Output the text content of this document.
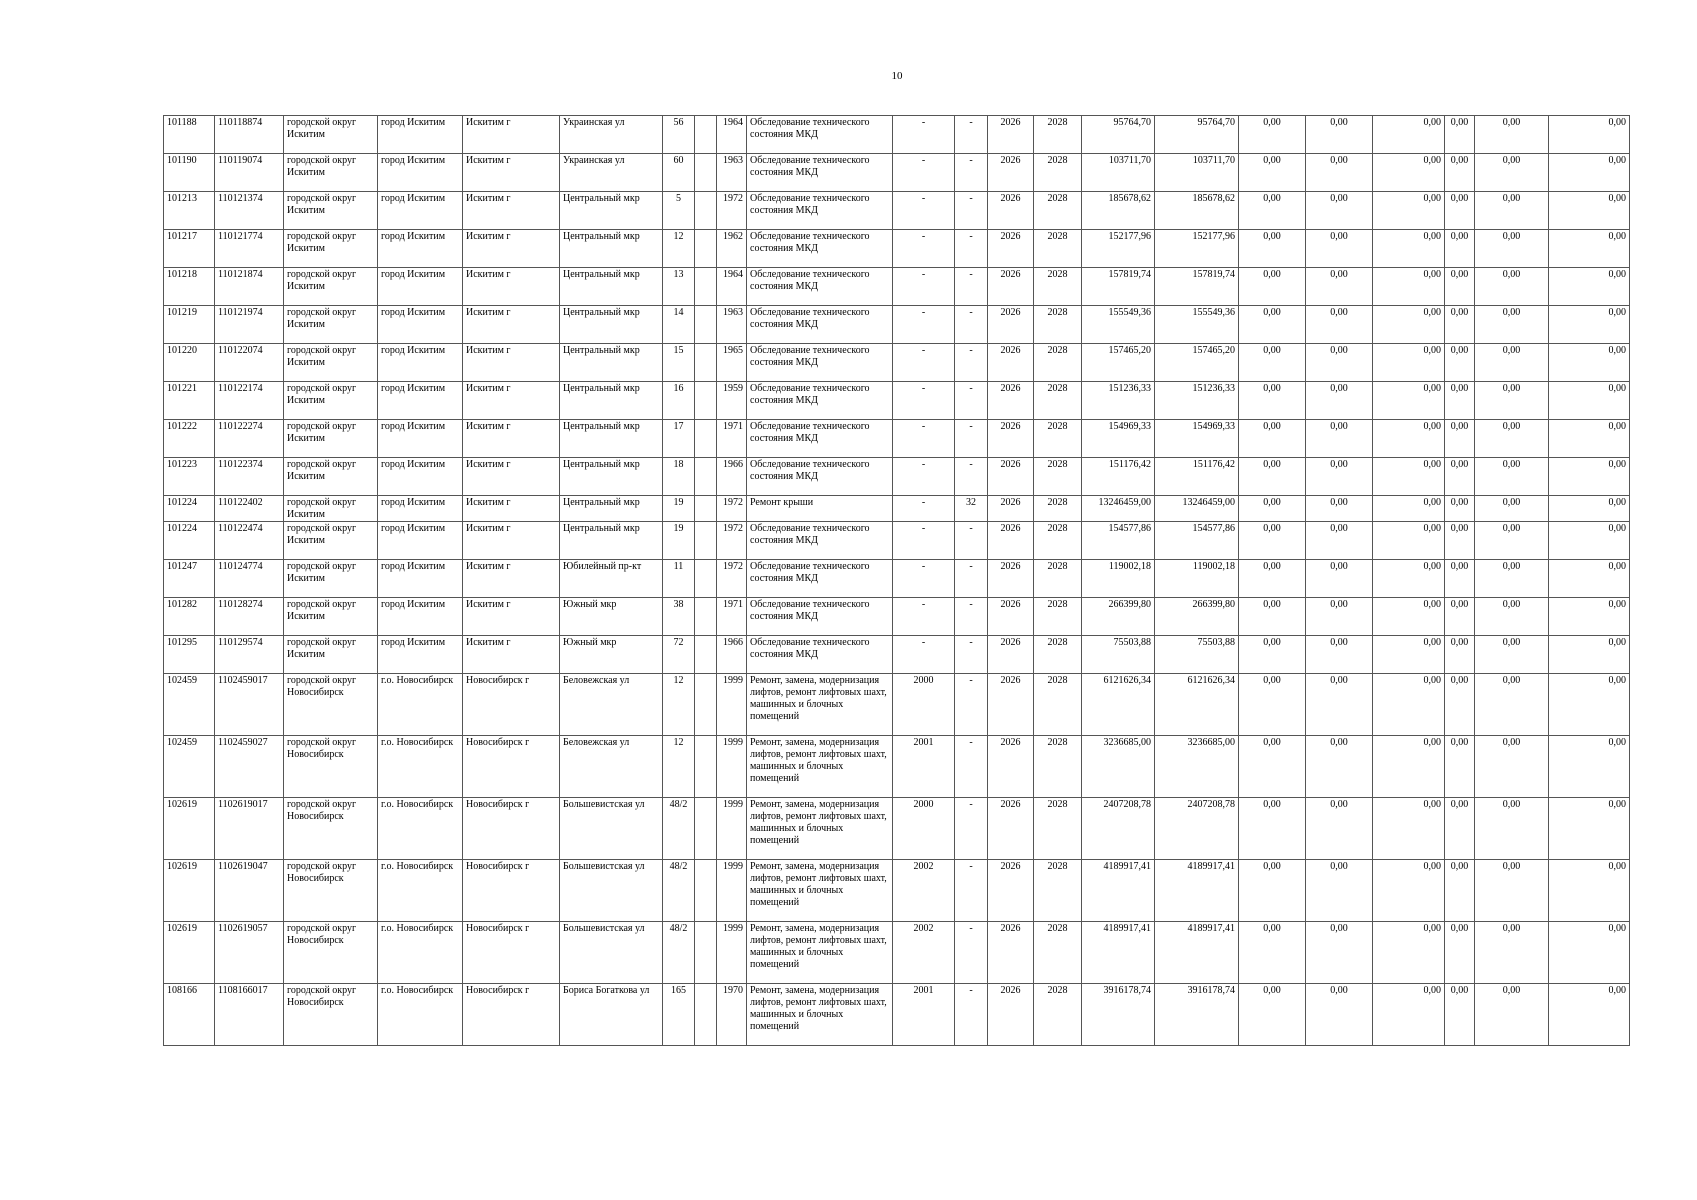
10
101188	110118874	городской округ Искитим	город Искитим	Искитим г	Украинская ул	56		1964	Обследование технического состояния МКД	-	-	2026	2028	95764,70	95764,70	0,00	0,00	0,00	0,00	0,00	0,00
101190	110119074	городской округ Искитим	город Искитим	Искитим г	Украинская ул	60		1963	Обследование технического состояния МКД	-	-	2026	2028	103711,70	103711,70	0,00	0,00	0,00	0,00	0,00	0,00
101213	110121374	городской округ Искитим	город Искитим	Искитим г	Центральный мкр	5		1972	Обследование технического состояния МКД	-	-	2026	2028	185678,62	185678,62	0,00	0,00	0,00	0,00	0,00	0,00
101217	110121774	городской округ Искитим	город Искитим	Искитим г	Центральный мкр	12		1962	Обследование технического состояния МКД	-	-	2026	2028	152177,96	152177,96	0,00	0,00	0,00	0,00	0,00	0,00
101218	110121874	городской округ Искитим	город Искитим	Искитим г	Центральный мкр	13		1964	Обследование технического состояния МКД	-	-	2026	2028	157819,74	157819,74	0,00	0,00	0,00	0,00	0,00	0,00
101219	110121974	городской округ Искитим	город Искитим	Искитим г	Центральный мкр	14		1963	Обследование технического состояния МКД	-	-	2026	2028	155549,36	155549,36	0,00	0,00	0,00	0,00	0,00	0,00
101220	110122074	городской округ Искитим	город Искитим	Искитим г	Центральный мкр	15		1965	Обследование технического состояния МКД	-	-	2026	2028	157465,20	157465,20	0,00	0,00	0,00	0,00	0,00	0,00
101221	110122174	городской округ Искитим	город Искитим	Искитим г	Центральный мкр	16		1959	Обследование технического состояния МКД	-	-	2026	2028	151236,33	151236,33	0,00	0,00	0,00	0,00	0,00	0,00
101222	110122274	городской округ Искитим	город Искитим	Искитим г	Центральный мкр	17		1971	Обследование технического состояния МКД	-	-	2026	2028	154969,33	154969,33	0,00	0,00	0,00	0,00	0,00	0,00
101223	110122374	городской округ Искитим	город Искитим	Искитим г	Центральный мкр	18		1966	Обследование технического состояния МКД	-	-	2026	2028	151176,42	151176,42	0,00	0,00	0,00	0,00	0,00	0,00
101224	110122402	городской округ Искитим	город Искитим	Искитим г	Центральный мкр	19		1972	Ремонт крыши	-	32	2026	2028	13246459,00	13246459,00	0,00	0,00	0,00	0,00	0,00	0,00
101224	110122474	городской округ Искитим	город Искитим	Искитим г	Центральный мкр	19		1972	Обследование технического состояния МКД	-	-	2026	2028	154577,86	154577,86	0,00	0,00	0,00	0,00	0,00	0,00
101247	110124774	городской округ Искитим	город Искитим	Искитим г	Юбилейный пр-кт	11		1972	Обследование технического состояния МКД	-	-	2026	2028	119002,18	119002,18	0,00	0,00	0,00	0,00	0,00	0,00
101282	110128274	городской округ Искитим	город Искитим	Искитим г	Южный мкр	38		1971	Обследование технического состояния МКД	-	-	2026	2028	266399,80	266399,80	0,00	0,00	0,00	0,00	0,00	0,00
101295	110129574	городской округ Искитим	город Искитим	Искитим г	Южный мкр	72		1966	Обследование технического состояния МКД	-	-	2026	2028	75503,88	75503,88	0,00	0,00	0,00	0,00	0,00	0,00
102459	1102459017	городской округ Новосибирск	г.о. Новосибирск	Новосибирск г	Беловежская ул	12		1999	Ремонт, замена, модернизация лифтов, ремонт лифтовых шахт, машинных и блочных помещений	2000	-	2026	2028	6121626,34	6121626,34	0,00	0,00	0,00	0,00	0,00	0,00
102459	1102459027	городской округ Новосибирск	г.о. Новосибирск	Новосибирск г	Беловежская ул	12		1999	Ремонт, замена, модернизация лифтов, ремонт лифтовых шахт, машинных и блочных помещений	2001	-	2026	2028	3236685,00	3236685,00	0,00	0,00	0,00	0,00	0,00	0,00
102619	1102619017	городской округ Новосибирск	г.о. Новосибирск	Новосибирск г	Большевистская ул	48/2		1999	Ремонт, замена, модернизация лифтов, ремонт лифтовых шахт, машинных и блочных помещений	2000	-	2026	2028	2407208,78	2407208,78	0,00	0,00	0,00	0,00	0,00	0,00
102619	1102619047	городской округ Новосибирск	г.о. Новосибирск	Новосибирск г	Большевистская ул	48/2		1999	Ремонт, замена, модернизация лифтов, ремонт лифтовых шахт, машинных и блочных помещений	2002	-	2026	2028	4189917,41	4189917,41	0,00	0,00	0,00	0,00	0,00	0,00
102619	1102619057	городской округ Новосибирск	г.о. Новосибирск	Новосибирск г	Большевистская ул	48/2		1999	Ремонт, замена, модернизация лифтов, ремонт лифтовых шахт, машинных и блочных помещений	2002	-	2026	2028	4189917,41	4189917,41	0,00	0,00	0,00	0,00	0,00	0,00
108166	1108166017	городской округ Новосибирск	г.о. Новосибирск	Новосибирск г	Бориса Богаткова ул	165		1970	Ремонт, замена, модернизация лифтов, ремонт лифтовых шахт, машинных и блочных помещений	2001	-	2026	2028	3916178,74	3916178,74	0,00	0,00	0,00	0,00	0,00	0,00
